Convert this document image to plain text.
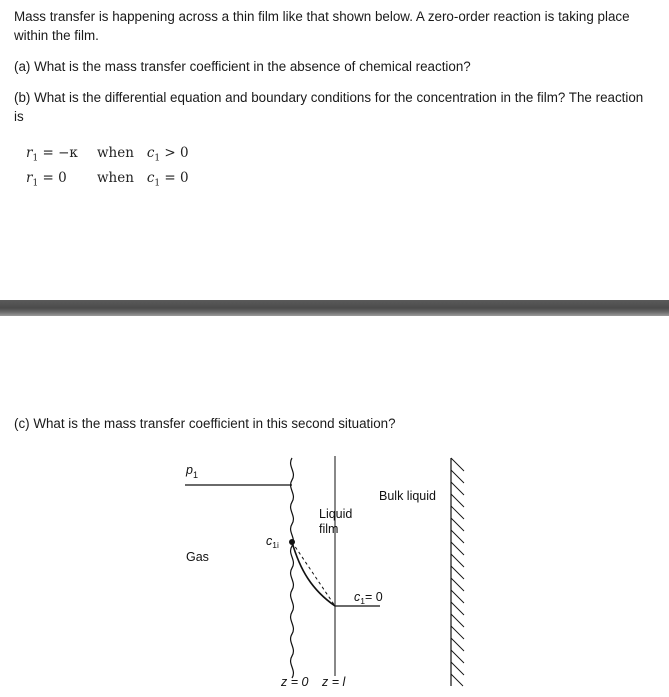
Mass transfer is happening across a thin film like that shown below. A zero-order reaction is taking place within the film.

(a) What is the mass transfer coefficient in the absence of chemical reaction?

(b) What is the differential equation and boundary conditions for the concentration in the film? The reaction is

$r_1 = -\kappa$ when $c_1 > 0$
$r_1 = 0$ when $c_1 = 0$

(c) What is the mass transfer coefficient in this second situation?

$p_1$
Gas
$c_{1i}$
Liquid
film
Bulk liquid
$c_1= 0$
z = 0 z = l
